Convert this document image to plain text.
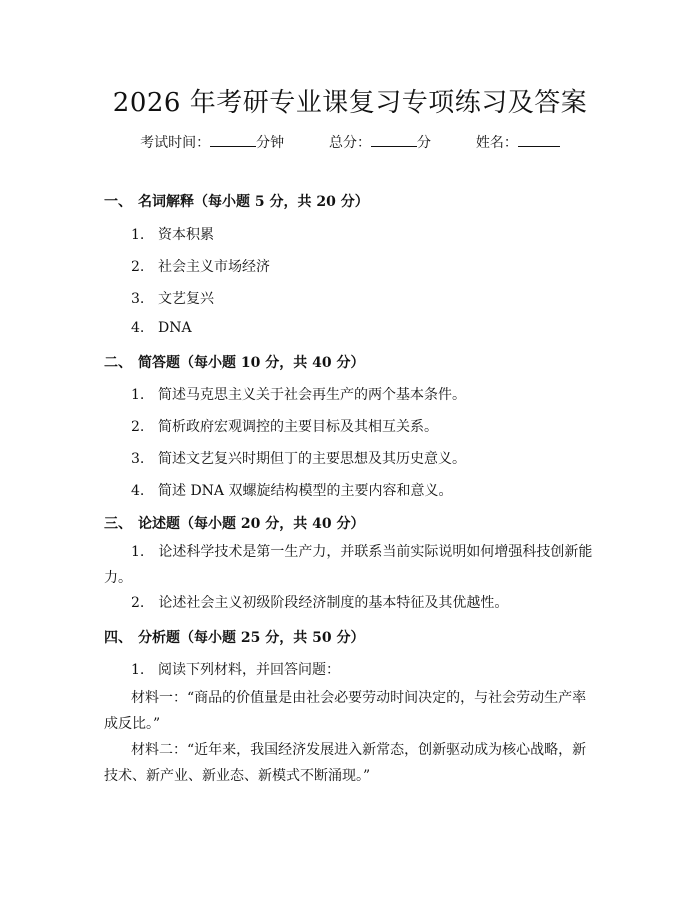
2026 年考研专业课复习专项练习及答案
考试时间：	分钟	总分：	分	姓名：
一、 名词解释（每小题 5 分，共 20 分）
1. 资本积累
2. 社会主义市场经济
3. 文艺复兴
4. DNA
二、 简答题（每小题 10 分，共 40 分）
1. 简述马克思主义关于社会再生产的两个基本条件。
2. 简析政府宏观调控的主要目标及其相互关系。
3. 简述文艺复兴时期但丁的主要思想及其历史意义。
4. 简述 DNA 双螺旋结构模型的主要内容和意义。
三、 论述题（每小题 20 分，共 40 分）
1.　论述科学技术是第一生产力，并联系当前实际说明如何增强科技创新能力。
2.　论述社会主义初级阶段经济制度的基本特征及其优越性。
四、 分析题（每小题 25 分，共 50 分）
1. 阅读下列材料，并回答问题：
材料一：“商品的价值量是由社会必要劳动时间决定的，与社会劳动生产率成反比。”
材料二：“近年来，我国经济发展进入新常态，创新驱动成为核心战略，新技术、新产业、新业态、新模式不断涌现。”
